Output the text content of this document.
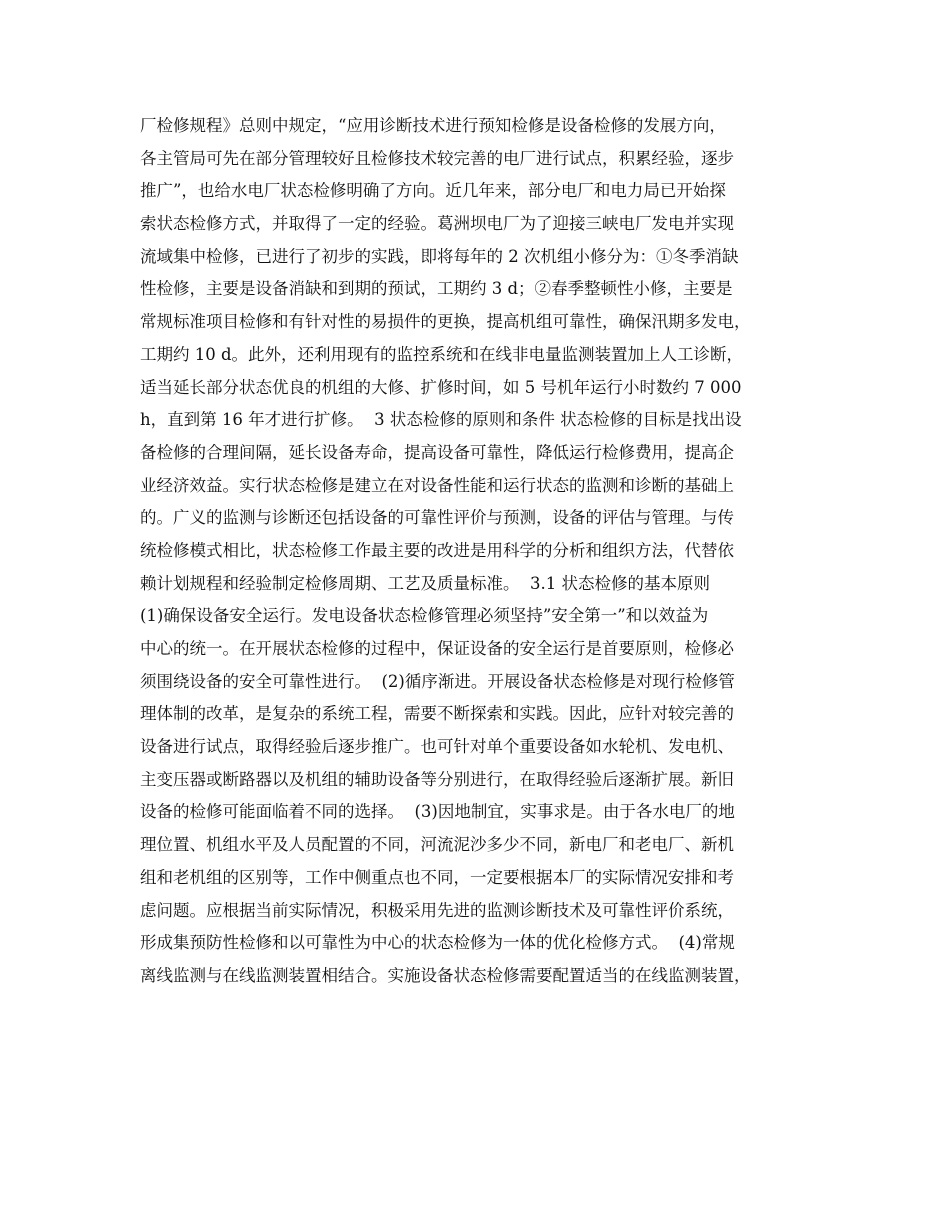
厂检修规程》总则中规定，“应用诊断技术进行预知检修是设备检修的发展方向，
各主管局可先在部分管理较好且检修技术较完善的电厂进行试点，积累经验，逐步
推广”，也给水电厂状态检修明确了方向。近几年来，部分电厂和电力局已开始探
索状态检修方式，并取得了一定的经验。葛洲坝电厂为了迎接三峡电厂发电并实现
流域集中检修，已进行了初步的实践，即将每年的 2 次机组小修分为：①冬季消缺
性检修，主要是设备消缺和到期的预试，工期约 3 d；②春季整顿性小修，主要是
常规标准项目检修和有针对性的易损件的更换，提高机组可靠性，确保汛期多发电，
工期约 10 d。此外，还利用现有的监控系统和在线非电量监测装置加上人工诊断，
适当延长部分状态优良的机组的大修、扩修时间，如 5 号机年运行小时数约 7 000
h，直到第 16 年才进行扩修。  3 状态检修的原则和条件 状态检修的目标是找出设
备检修的合理间隔，延长设备寿命，提高设备可靠性，降低运行检修费用，提高企
业经济效益。实行状态检修是建立在对设备性能和运行状态的监测和诊断的基础上
的。广义的监测与诊断还包括设备的可靠性评价与预测，设备的评估与管理。与传
统检修模式相比，状态检修工作最主要的改进是用科学的分析和组织方法，代替依
赖计划规程和经验制定检修周期、工艺及质量标准。  3.1 状态检修的基本原则
(1)确保设备安全运行。发电设备状态检修管理必须坚持”安全第一”和以效益为
中心的统一。在开展状态检修的过程中，保证设备的安全运行是首要原则，检修必
须围绕设备的安全可靠性进行。  (2)循序渐进。开展设备状态检修是对现行检修管
理体制的改革，是复杂的系统工程，需要不断探索和实践。因此，应针对较完善的
设备进行试点，取得经验后逐步推广。也可针对单个重要设备如水轮机、发电机、
主变压器或断路器以及机组的辅助设备等分别进行，在取得经验后逐渐扩展。新旧
设备的检修可能面临着不同的选择。  (3)因地制宜，实事求是。由于各水电厂的地
理位置、机组水平及人员配置的不同，河流泥沙多少不同，新电厂和老电厂、新机
组和老机组的区别等，工作中侧重点也不同，一定要根据本厂的实际情况安排和考
虑问题。应根据当前实际情况，积极采用先进的监测诊断技术及可靠性评价系统，
形成集预防性检修和以可靠性为中心的状态检修为一体的优化检修方式。  (4)常规
离线监测与在线监测装置相结合。实施设备状态检修需要配置适当的在线监测装置，
